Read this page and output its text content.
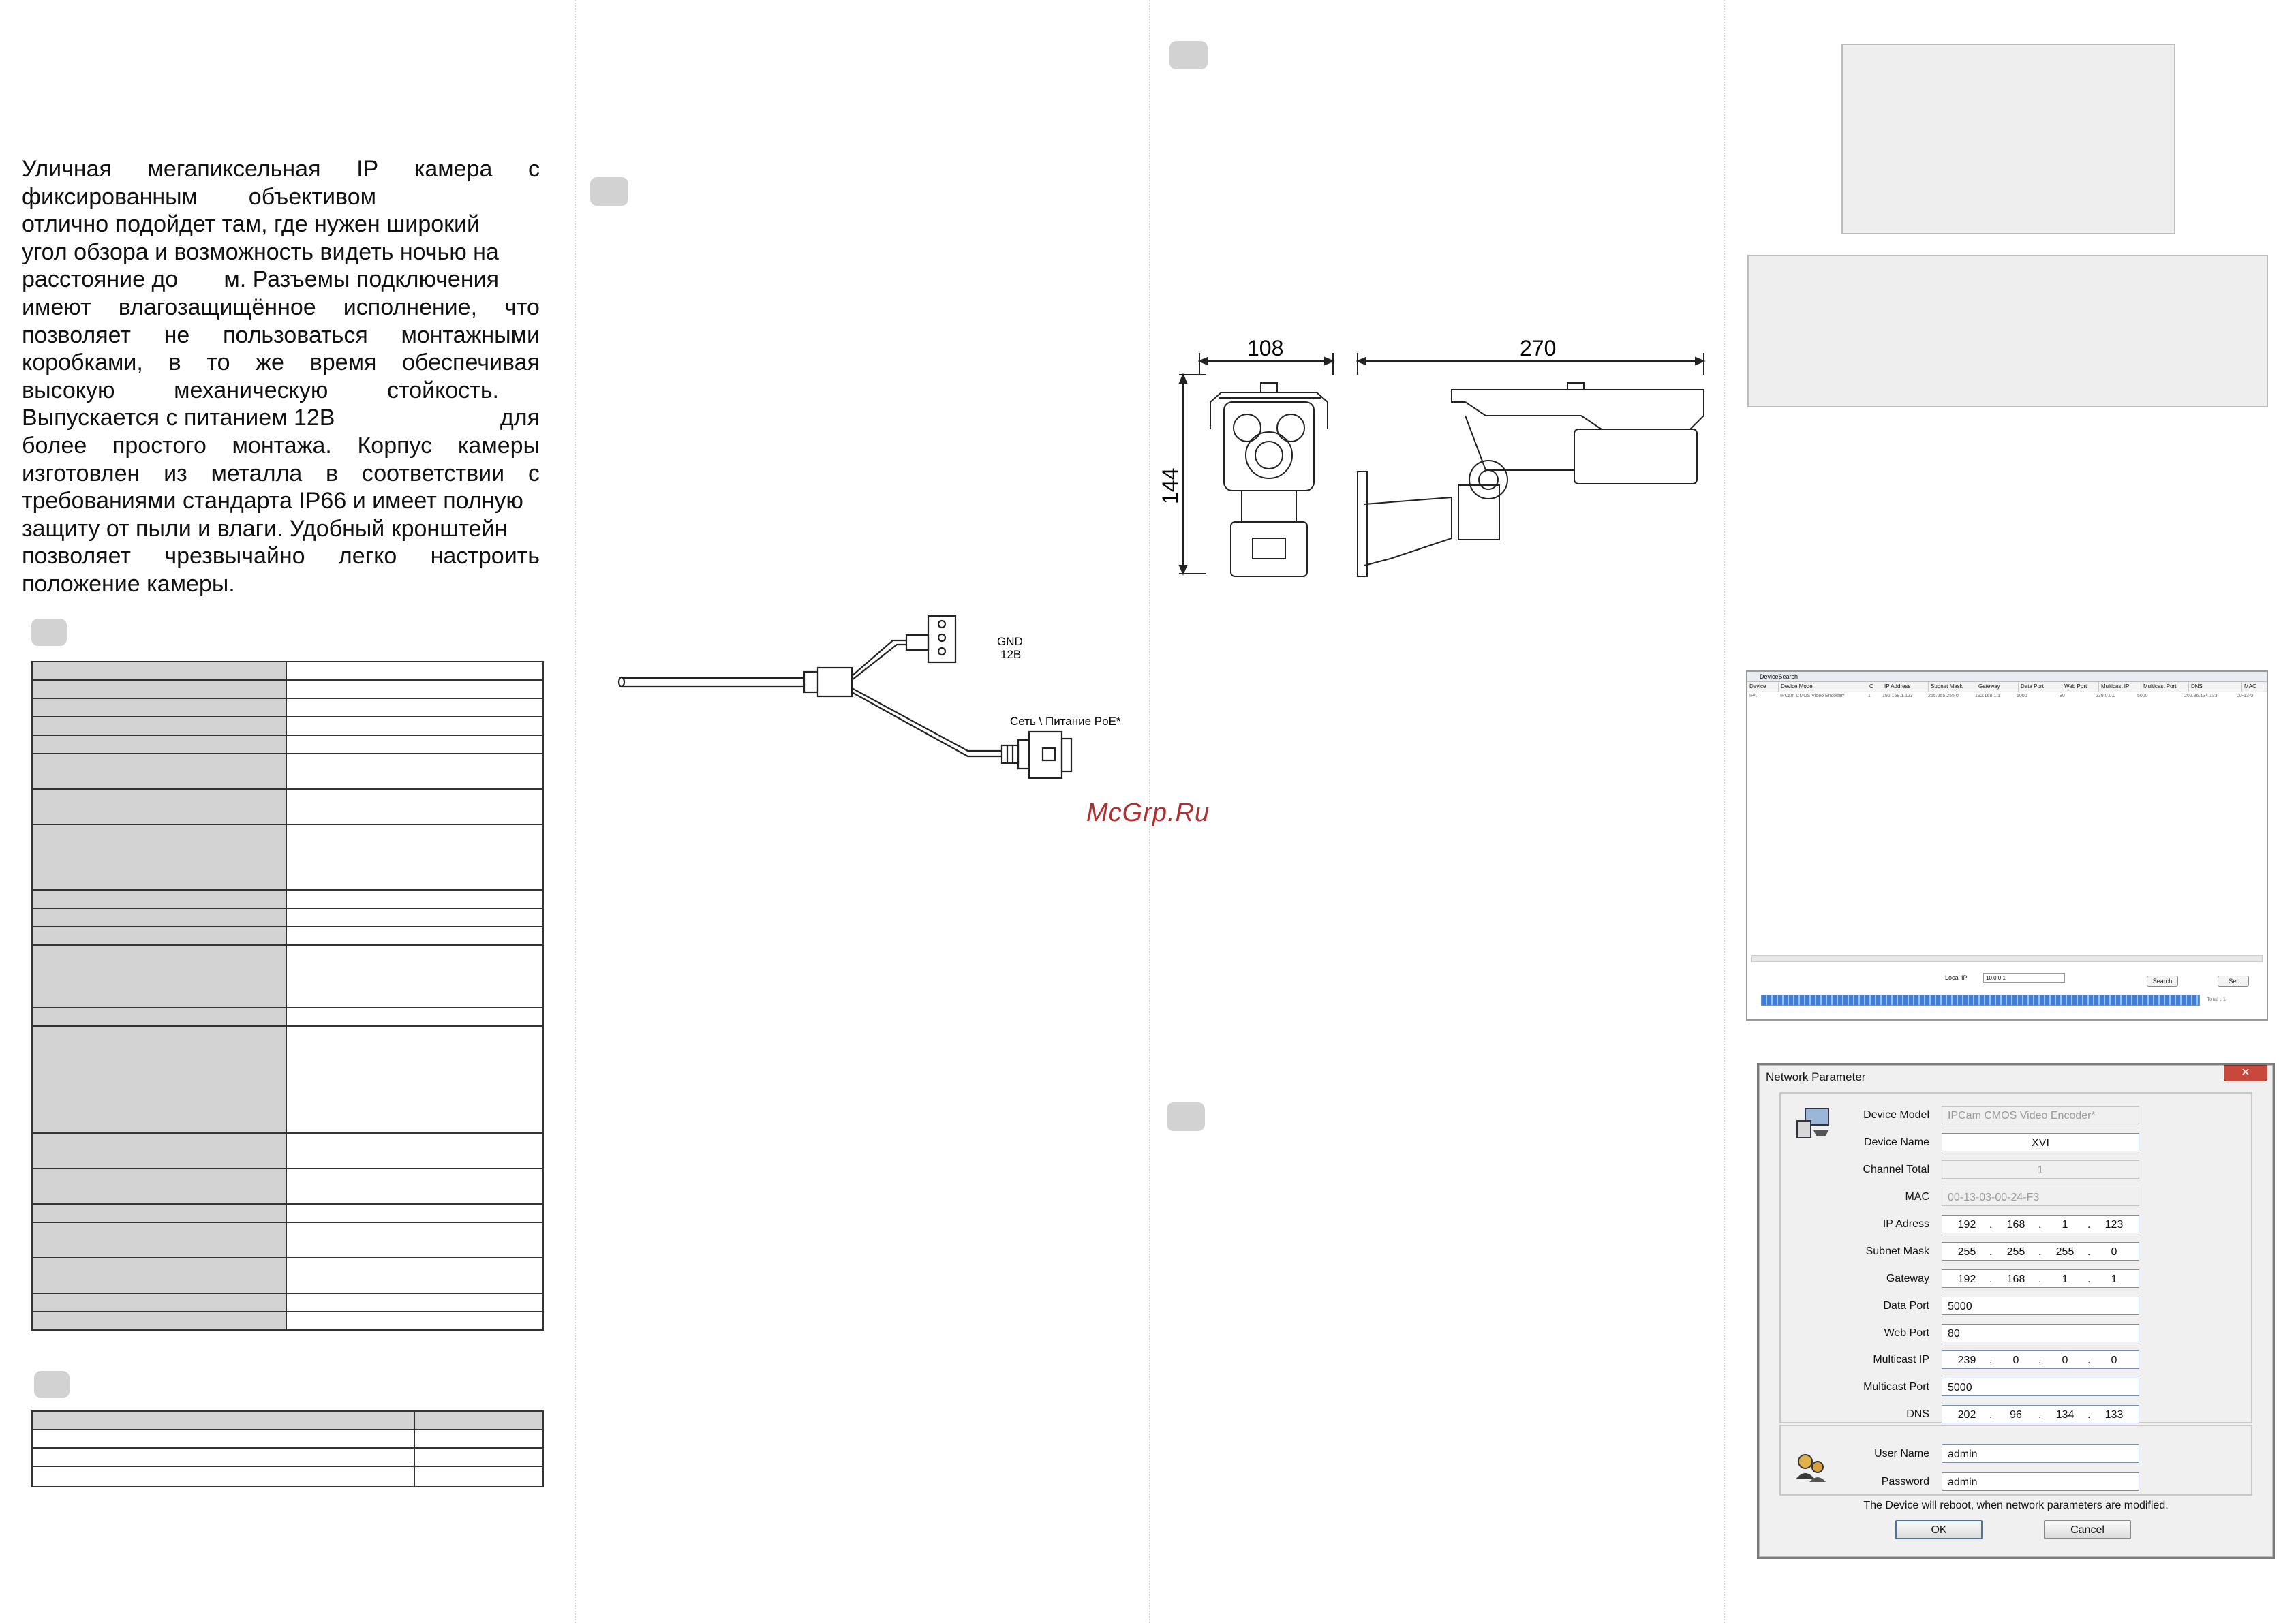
Уличная мегапиксельная IP камера с
фиксированным объективом
отлично подойдет там, где нужен широкий
угол обзора и возможность видеть ночью на
расстояние до м. Разъемы подключения
имеют влагозащищённое исполнение, что
позволяет не пользоваться монтажными
коробками, в то же время обеспечивая
высокую	механическую	стойкость.
Выпускается с питанием 12В	для
более простого монтажа. Корпус камеры
изготовлен из металла в соответствии с
требованиями стандарта IP66 и имеет полную
защиту от пыли и влаги. Удобный кронштейн
позволяет чрезвычайно легко настроить
положение камеры.

GND
12В
Сеть \ Питание PoE*
McGrp.Ru
108	270
144
DeviceSearch
Device	Device Model	C	IP Address	Subnet Mask	Gateway	Data Port	Web Port	Multicast IP	Multicast Port	DNS	MAC
IPA	IPCam CMOS Video Encoder*	1	192.168.1.123	255.255.255.0	192.168.1.1	5000	80	239.0.0.0	5000	202.96.134.133	00-13-0
Local IP	10.0.0.1	Search	Set
Total : 1
Network Parameter	✕
Device Model	IPCam CMOS Video Encoder*
Device Name	XVI
Channel Total	1
MAC	00-13-03-00-24-F3
IP Adress	192	. 168	. 1	. 123
Subnet Mask	255	. 255	. 255	. 0
Gateway	192	. 168	. 1	. 1
Data Port	5000
Web Port	80
Multicast IP	239	. 0	. 0	. 0
Multicast Port	5000
DNS	202	. 96	. 134	. 133
User Name	admin
Password	admin
The Device will reboot, when network parameters are modified.
OK	Cancel
